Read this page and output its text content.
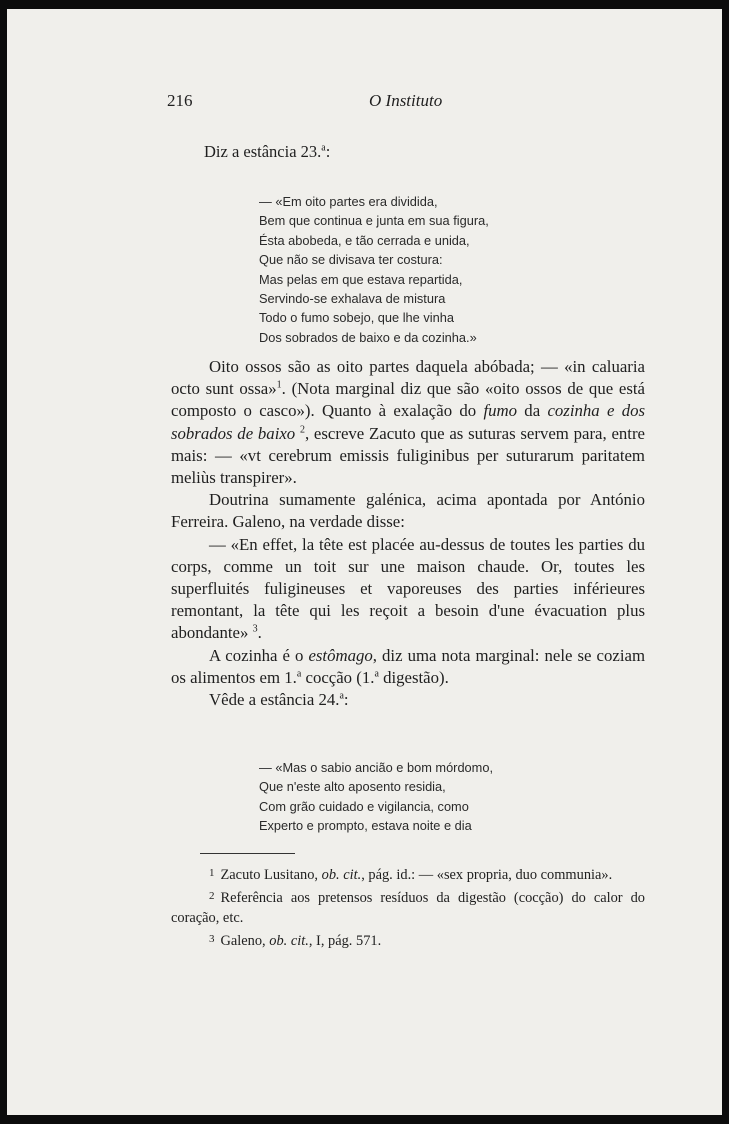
216	O Instituto
Diz a estância 23.$^a$:
— «Em oito partes era dividida,
Bem que continua e junta em sua figura,
Ésta abobeda, e tão cerrada e unida,
Que não se divisava ter costura:
Mas pelas em que estava repartida,
Servindo-se exhalava de mistura
Todo o fumo sobejo, que lhe vinha
Dos sobrados de baixo e da cozinha.»

Oito ossos são as oito partes daquela abóbada; — «in caluaria octo sunt ossa»$^1$. (Nota marginal diz que são «oito ossos de que está composto o casco»). Quanto à exalação do fumo da cozinha e dos sobrados de baixo $^2$, escreve Zacuto que as suturas servem para, entre mais: — «vt cerebrum emissis fuliginibus per suturarum paritatem meliùs transpirer».

Doutrina sumamente galénica, acima apontada por António Ferreira. Galeno, na verdade disse:

— «En effet, la tête est placée au-dessus de toutes les parties du corps, comme un toit sur une maison chaude. Or, toutes les superfluités fuligineuses et vaporeuses des parties inférieures remontant, la tête qui les reçoit a besoin d'une évacuation plus abondante» $^3$.

A cozinha é o estômago, diz uma nota marginal: nele se coziam os alimentos em 1.$^a$ cocção (1.$^a$ digestão).

Vêde a estância 24.$^a$:

— «Mas o sabio ancião e bom mórdomo,
Que n'este alto aposento residia,
Com grão cuidado e vigilancia, como
Experto e prompto, estava noite e dia

$^1$ Zacuto Lusitano, ob. cit., pág. id.: — «sex propria, duo communia».

$^2$ Referência aos pretensos resíduos da digestão (cocção) do calor do coração, etc.

$^3$ Galeno, ob. cit., I, pág. 571.
